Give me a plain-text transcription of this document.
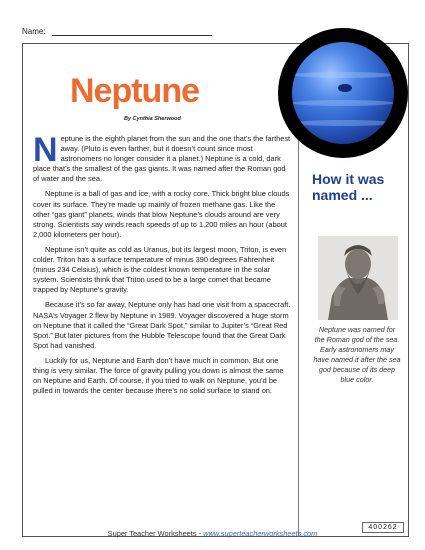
Name:
Neptune
By Cynthia Sherwood

Neptune is the eighth planet from the sun and the one that’s the farthest away. (Pluto is even farther, but it doesn’t count since most astronomers no longer consider it a planet.) Neptune is a cold, dark place that’s the smallest of the gas giants. It was named after the Roman god of water and the sea.

Neptune is a ball of gas and ice, with a rocky core. Thick bright blue clouds cover its surface. They’re made up mainly of frozen methane gas. Like the other “gas giant” planets, winds that blow Neptune’s clouds around are very strong. Scientists say winds reach speeds of up to 1,200 miles an hour (about 2,000 kilometers per hour).

Neptune isn’t quite as cold as Uranus, but its largest moon, Triton, is even colder. Triton has a surface temperature of minus 390 degrees Fahrenheit (minus 234 Celsius), which is the coldest known temperature in the solar system. Scientists think that Triton used to be a large comet that became trapped by Neptune’s gravity.

Because it’s so far away, Neptune only has had one visit from a spacecraft. NASA’s Voyager 2 flew by Neptune in 1989. Voyager discovered a huge storm on Neptune that it called the “Great Dark Spot,” similar to Jupiter’s “Great Red Spot.” But later pictures from the Hubble Telescope found that the Great Dark Spot had vanished.

Luckily for us, Neptune and Earth don’t have much in common. But one thing is very similar. The force of gravity pulling you down is almost the same on Neptune and Earth. Of course, if you tried to walk on Neptune, you’d be pulled in towards the center because there’s no solid surface to stand on.

How it was named ...
Neptune was named for the Roman god of the sea. Early astronomers may have named it after the sea god because of its deep blue color.
400262
Super Teacher Worksheets - www.superteacherworksheets.com
